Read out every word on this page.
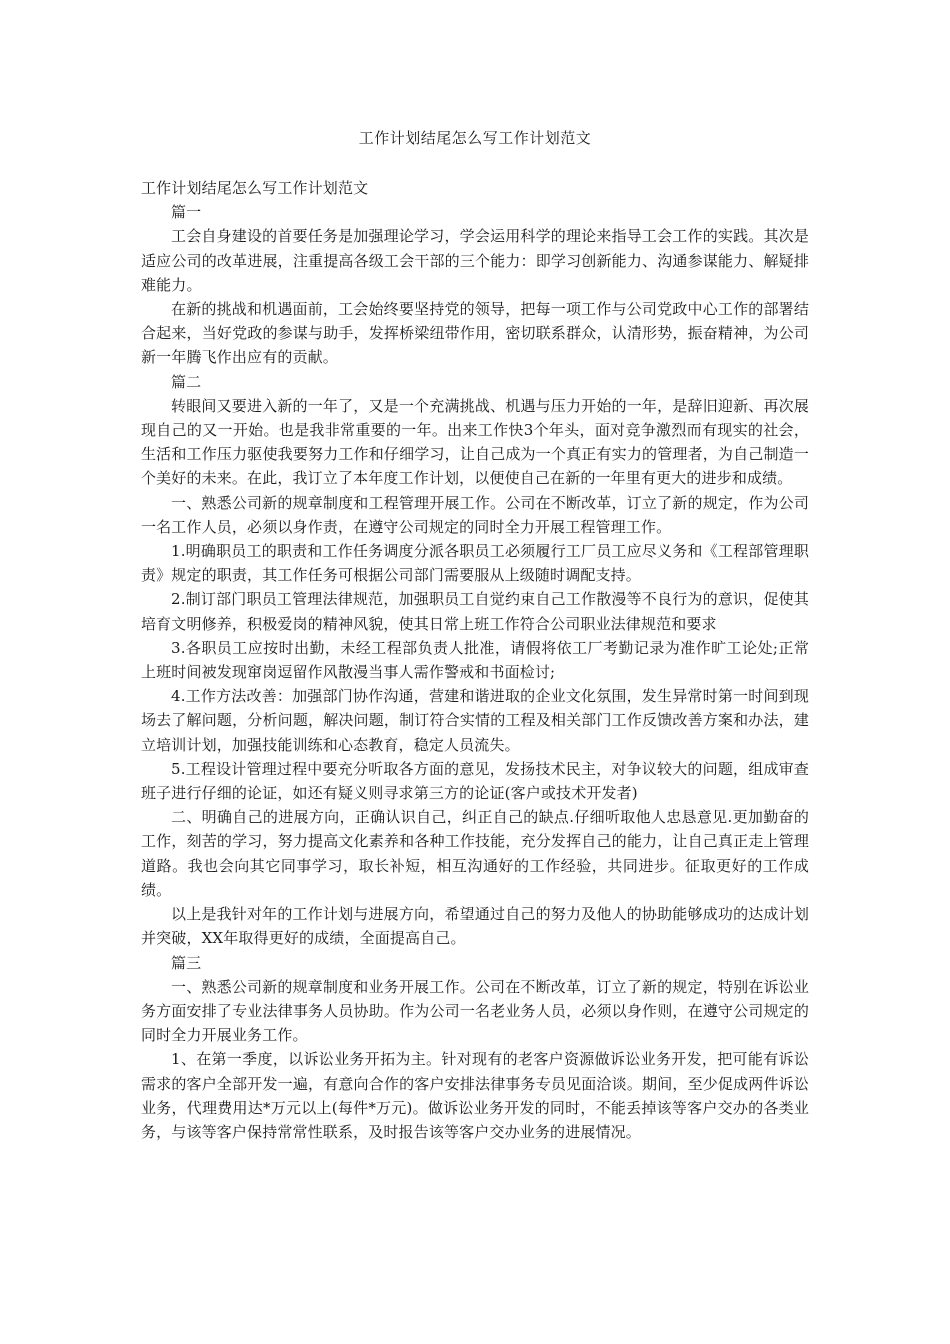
工作计划结尾怎么写工作计划范文

工作计划结尾怎么写工作计划范文

篇一

工会自身建设的首要任务是加强理论学习，学会运用科学的理论来指导工会工作的实践。其次是适应公司的改革进展，注重提高各级工会干部的三个能力：即学习创新能力、沟通参谋能力、解疑排难能力。

在新的挑战和机遇面前，工会始终要坚持党的领导，把每一项工作与公司党政中心工作的部署结合起来，当好党政的参谋与助手，发挥桥梁纽带作用，密切联系群众，认清形势，振奋精神，为公司新一年腾飞作出应有的贡献。

篇二

转眼间又要进入新的一年了，又是一个充满挑战、机遇与压力开始的一年，是辞旧迎新、再次展现自己的又一开始。也是我非常重要的一年。出来工作快3个年头，面对竞争激烈而有现实的社会，生活和工作压力驱使我要努力工作和仔细学习，让自己成为一个真正有实力的管理者，为自己制造一个美好的未来。在此，我订立了本年度工作计划，以便使自己在新的一年里有更大的进步和成绩。

一、熟悉公司新的规章制度和工程管理开展工作。公司在不断改革，订立了新的规定，作为公司一名工作人员，必须以身作责，在遵守公司规定的同时全力开展工程管理工作。

1.明确职员工的职责和工作任务调度分派各职员工必须履行工厂员工应尽义务和《工程部管理职责》规定的职责，其工作任务可根据公司部门需要服从上级随时调配支持。

2.制订部门职员工管理法律规范，加强职员工自觉约束自己工作散漫等不良行为的意识，促使其培育文明修养，积极爱岗的精神风貌，使其日常上班工作符合公司职业法律规范和要求

3.各职员工应按时出勤，未经工程部负责人批准，请假将依工厂考勤记录为准作旷工论处;正常上班时间被发现窜岗逗留作风散漫当事人需作警戒和书面检讨;

4.工作方法改善：加强部门协作沟通，营建和谐进取的企业文化氛围，发生异常时第一时间到现场去了解问题，分析问题，解决问题，制订符合实情的工程及相关部门工作反馈改善方案和办法，建立培训计划，加强技能训练和心态教育，稳定人员流失。

5.工程设计管理过程中要充分听取各方面的意见，发扬技术民主，对争议较大的问题，组成审查班子进行仔细的论证，如还有疑义则寻求第三方的论证(客户或技术开发者)

二、明确自己的进展方向，正确认识自己，纠正自己的缺点.仔细听取他人忠恳意见.更加勤奋的工作，刻苦的学习，努力提高文化素养和各种工作技能，充分发挥自己的能力，让自己真正走上管理道路。我也会向其它同事学习，取长补短，相互沟通好的工作经验，共同进步。征取更好的工作成绩。

以上是我针对年的工作计划与进展方向，希望通过自己的努力及他人的协助能够成功的达成计划并突破，XX年取得更好的成绩，全面提高自己。

篇三

一、熟悉公司新的规章制度和业务开展工作。公司在不断改革，订立了新的规定，特别在诉讼业务方面安排了专业法律事务人员协助。作为公司一名老业务人员，必须以身作则，在遵守公司规定的同时全力开展业务工作。

1、在第一季度，以诉讼业务开拓为主。针对现有的老客户资源做诉讼业务开发，把可能有诉讼需求的客户全部开发一遍，有意向合作的客户安排法律事务专员见面洽谈。期间，至少促成两件诉讼业务，代理费用达*万元以上(每件*万元)。做诉讼业务开发的同时，不能丢掉该等客户交办的各类业务，与该等客户保持常常性联系，及时报告该等客户交办业务的进展情况。
